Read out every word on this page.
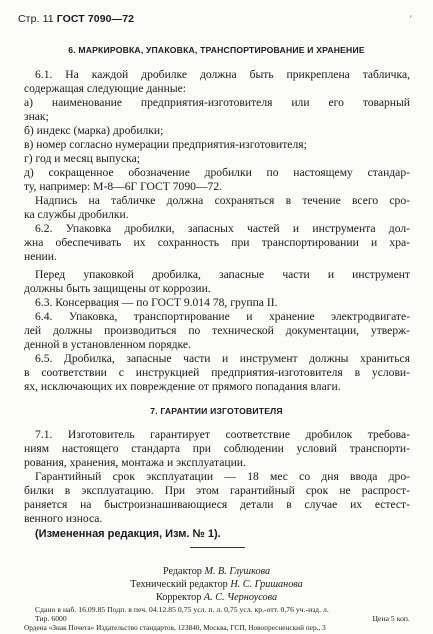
Стр. 11 ГОСТ 7090—72	'
6. МАРКИРОВКА, УПАКОВКА, ТРАНСПОРТИРОВАНИЕ И ХРАНЕНИЕ
6.1. На каждой дробилке должна быть прикреплена табличка,
содержащая следующие данные:
а) наименование предприятия-изготовителя или его товарный
знак;
б) индекс (марка) дробилки;
в) номер согласно нумерации предприятия-изготовителя;
г) год и месяц выпуска;
д) сокращенное обозначение дробилки по настоящему стандар-
ту, например: М-8—6Г ГОСТ 7090—72.
Надпись на табличке должна сохраняться в течение всего сро-
ка службы дробилки.
6.2. Упаковка дробилки, запасных частей и инструмента дол-
жна обеспечивать их сохранность при транспортировании и хра-
нении.
Перед упаковкой дробилка, запасные части и инструмент
должны быть защищены от коррозии.
6.3. Консервация — по ГОСТ 9.014 78, группа II.
6.4. Упаковка, транспортирование и хранение электродвигате-
лей должны производиться по технической документации, утверж-
денной в установленном порядке.
6.5. Дробилка, запасные части и инструмент должны храниться
в соответствии с инструкцией предприятия-изготовителя в услови-
ях, исключающих их повреждение от прямого попадания влаги.
7. ГАРАНТИИ ИЗГОТОВИТЕЛЯ
7.1. Изготовитель гарантирует соответствие дробилок требова-
ниям настоящего стандарта при соблюдении условий транспорти-
рования, хранения, монтажа и эксплуатации.
Гарантийный срок эксплуатации — 18 мес со дня ввода дро-
билки в эксплуатацию. При этом гарантийный срок не распрост-
раняется на быстроизнашивающиеся детали в случае их естест-
венного износа.
(Измененная редакция, Изм. № 1).
Редактор М. В. Глушкова
Технический редактор Н. С. Гришанова
Корректор А. С. Черноусова
Сдано в наб. 16.09.85 Подп. в печ. 04.12.85 0,75 усл. п. л. 0,75 усл. кр.-отт. 0,76 уч.-изд. л.
Тир. 6000	Цена 5 коп.
Ордена «Знак Почета» Издательство стандартов, 123840, Москва, ГСП, Новопресненский пер., 3
